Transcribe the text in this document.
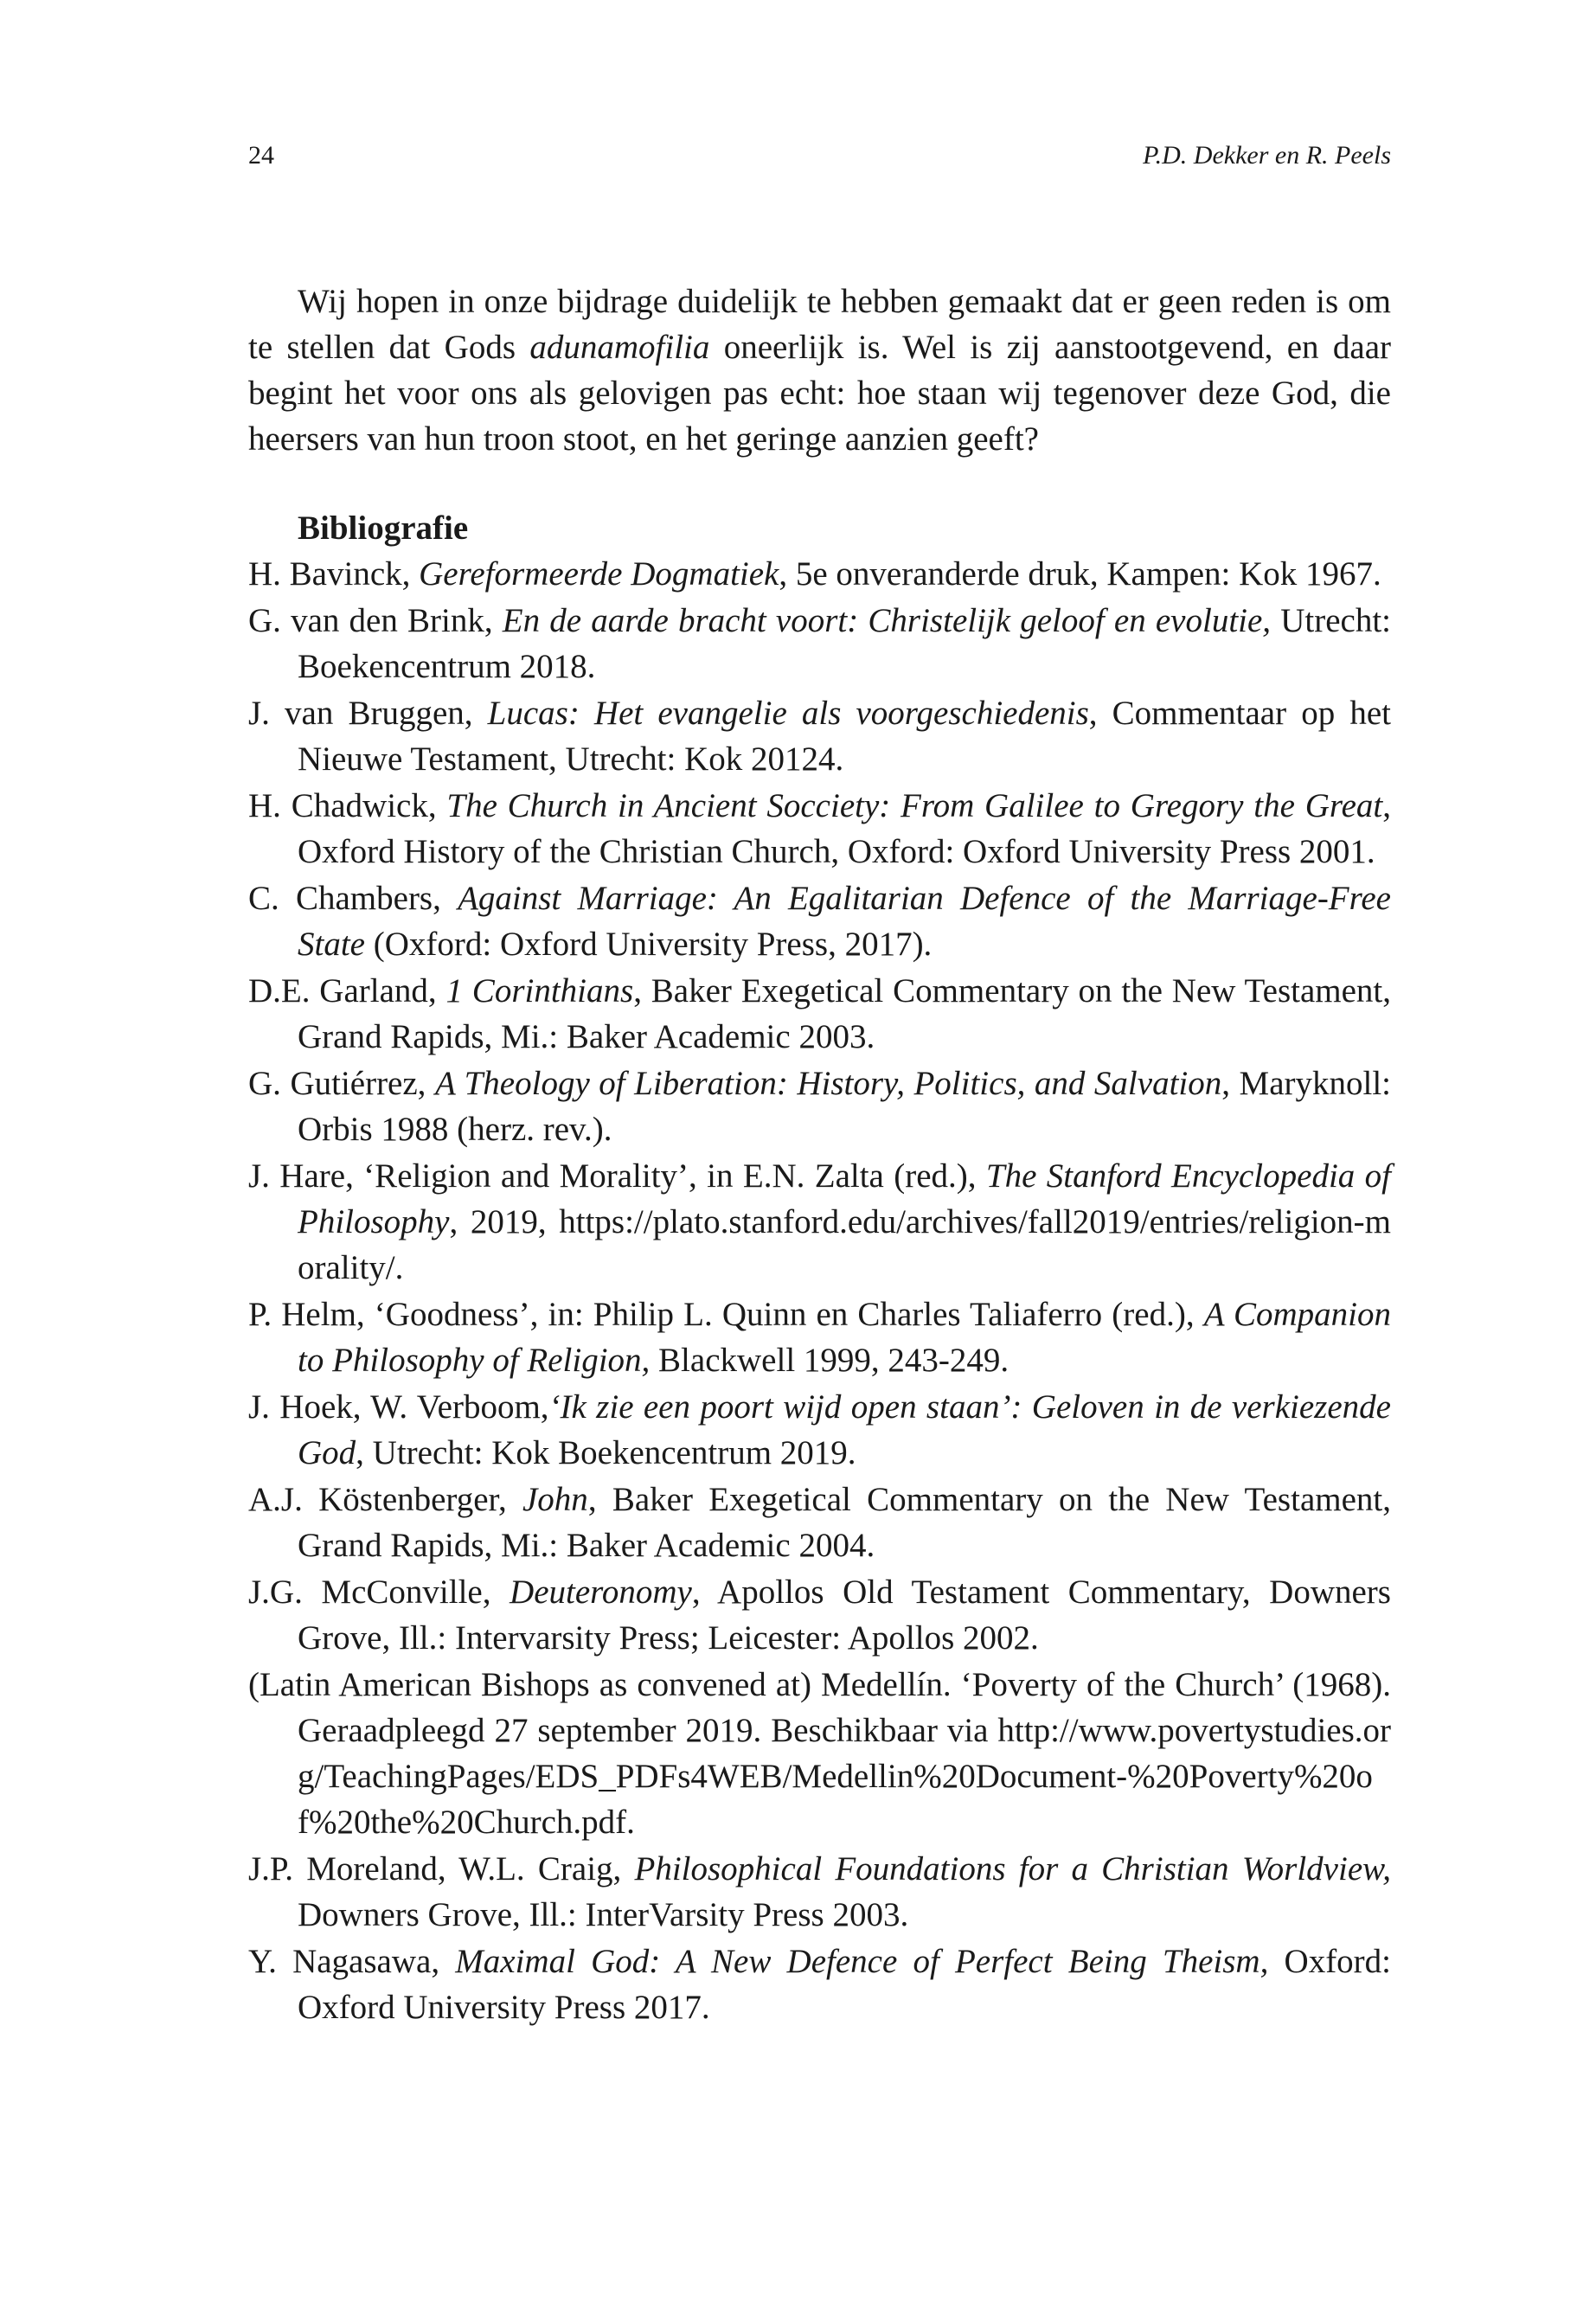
24	P.D. Dekker en R. Peels

Wij hopen in onze bijdrage duidelijk te hebben gemaakt dat er geen reden is om te stellen dat Gods adunamofilia oneerlijk is. Wel is zij aanstootgevend, en daar begint het voor ons als gelovigen pas echt: hoe staan wij tegenover deze God, die heersers van hun troon stoot, en het geringe aanzien geeft?

Bibliografie
H. Bavinck, Gereformeerde Dogmatiek, 5e onveranderde druk, Kampen: Kok 1967.
G. van den Brink, En de aarde bracht voort: Christelijk geloof en evolutie, Utrecht: Boekencentrum 2018.
J. van Bruggen, Lucas: Het evangelie als voorgeschiedenis, Commentaar op het Nieuwe Testament, Utrecht: Kok 20124.
H. Chadwick, The Church in Ancient Socciety: From Galilee to Gregory the Great, Oxford History of the Christian Church, Oxford: Oxford University Press 2001.
C. Chambers, Against Marriage: An Egalitarian Defence of the Marriage-Free State (Oxford: Oxford University Press, 2017).
D.E. Garland, 1 Corinthians, Baker Exegetical Commentary on the New Testament, Grand Rapids, Mi.: Baker Academic 2003.
G. Gutiérrez, A Theology of Liberation: History, Politics, and Salvation, Maryknoll: Orbis 1988 (herz. rev.).
J. Hare, ‘Religion and Morality’, in E.N. Zalta (red.), The Stanford Encyclopedia of Philosophy, 2019, https://plato.stanford.edu/archives/fall2019/entries/religion-morality/.
P. Helm, ‘Goodness’, in: Philip L. Quinn en Charles Taliaferro (red.), A Companion to Philosophy of Religion, Blackwell 1999, 243-249.
J. Hoek, W. Verboom,‘Ik zie een poort wijd open staan’: Geloven in de verkiezende God, Utrecht: Kok Boekencentrum 2019.
A.J. Köstenberger, John, Baker Exegetical Commentary on the New Testament, Grand Rapids, Mi.: Baker Academic 2004.
J.G. McConville, Deuteronomy, Apollos Old Testament Commentary, Downers Grove, Ill.: Intervarsity Press; Leicester: Apollos 2002.
(Latin American Bishops as convened at) Medellín. ‘Poverty of the Church’ (1968). Geraadpleegd 27 september 2019. Beschikbaar via http://www.povertystudies.org/TeachingPages/EDS_PDFs4WEB/Medellin%20Document-%20Poverty%20of%20the%20Church.pdf.
J.P. Moreland, W.L. Craig, Philosophical Foundations for a Christian Worldview, Downers Grove, Ill.: InterVarsity Press 2003.
Y. Nagasawa, Maximal God: A New Defence of Perfect Being Theism, Oxford: Oxford University Press 2017.
